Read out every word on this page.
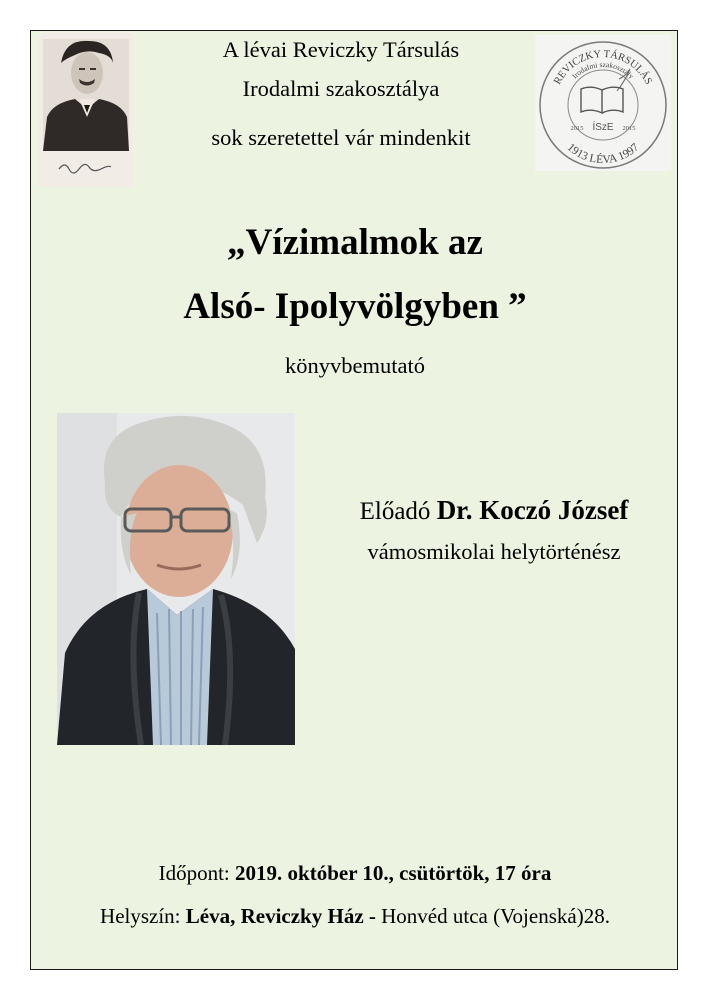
A lévai Reviczky Társulás
Irodalmi szakosztálya
sok szeretettel vár mindenkit
REVICZKY TÁRSULÁS
Irodalmi szakosztály
1913 LÉVA 1997
ÍSzE
2015	2015
„Vízimalmok az
Alsó- Ipolyvölgyben ”
könyvbemutató
Előadó Dr. Koczó József
vámosmikolai helytörténész
Időpont: 2019. október 10., csütörtök, 17 óra
Helyszín: Léva, Reviczky Ház - Honvéd utca (Vojenská)28.
